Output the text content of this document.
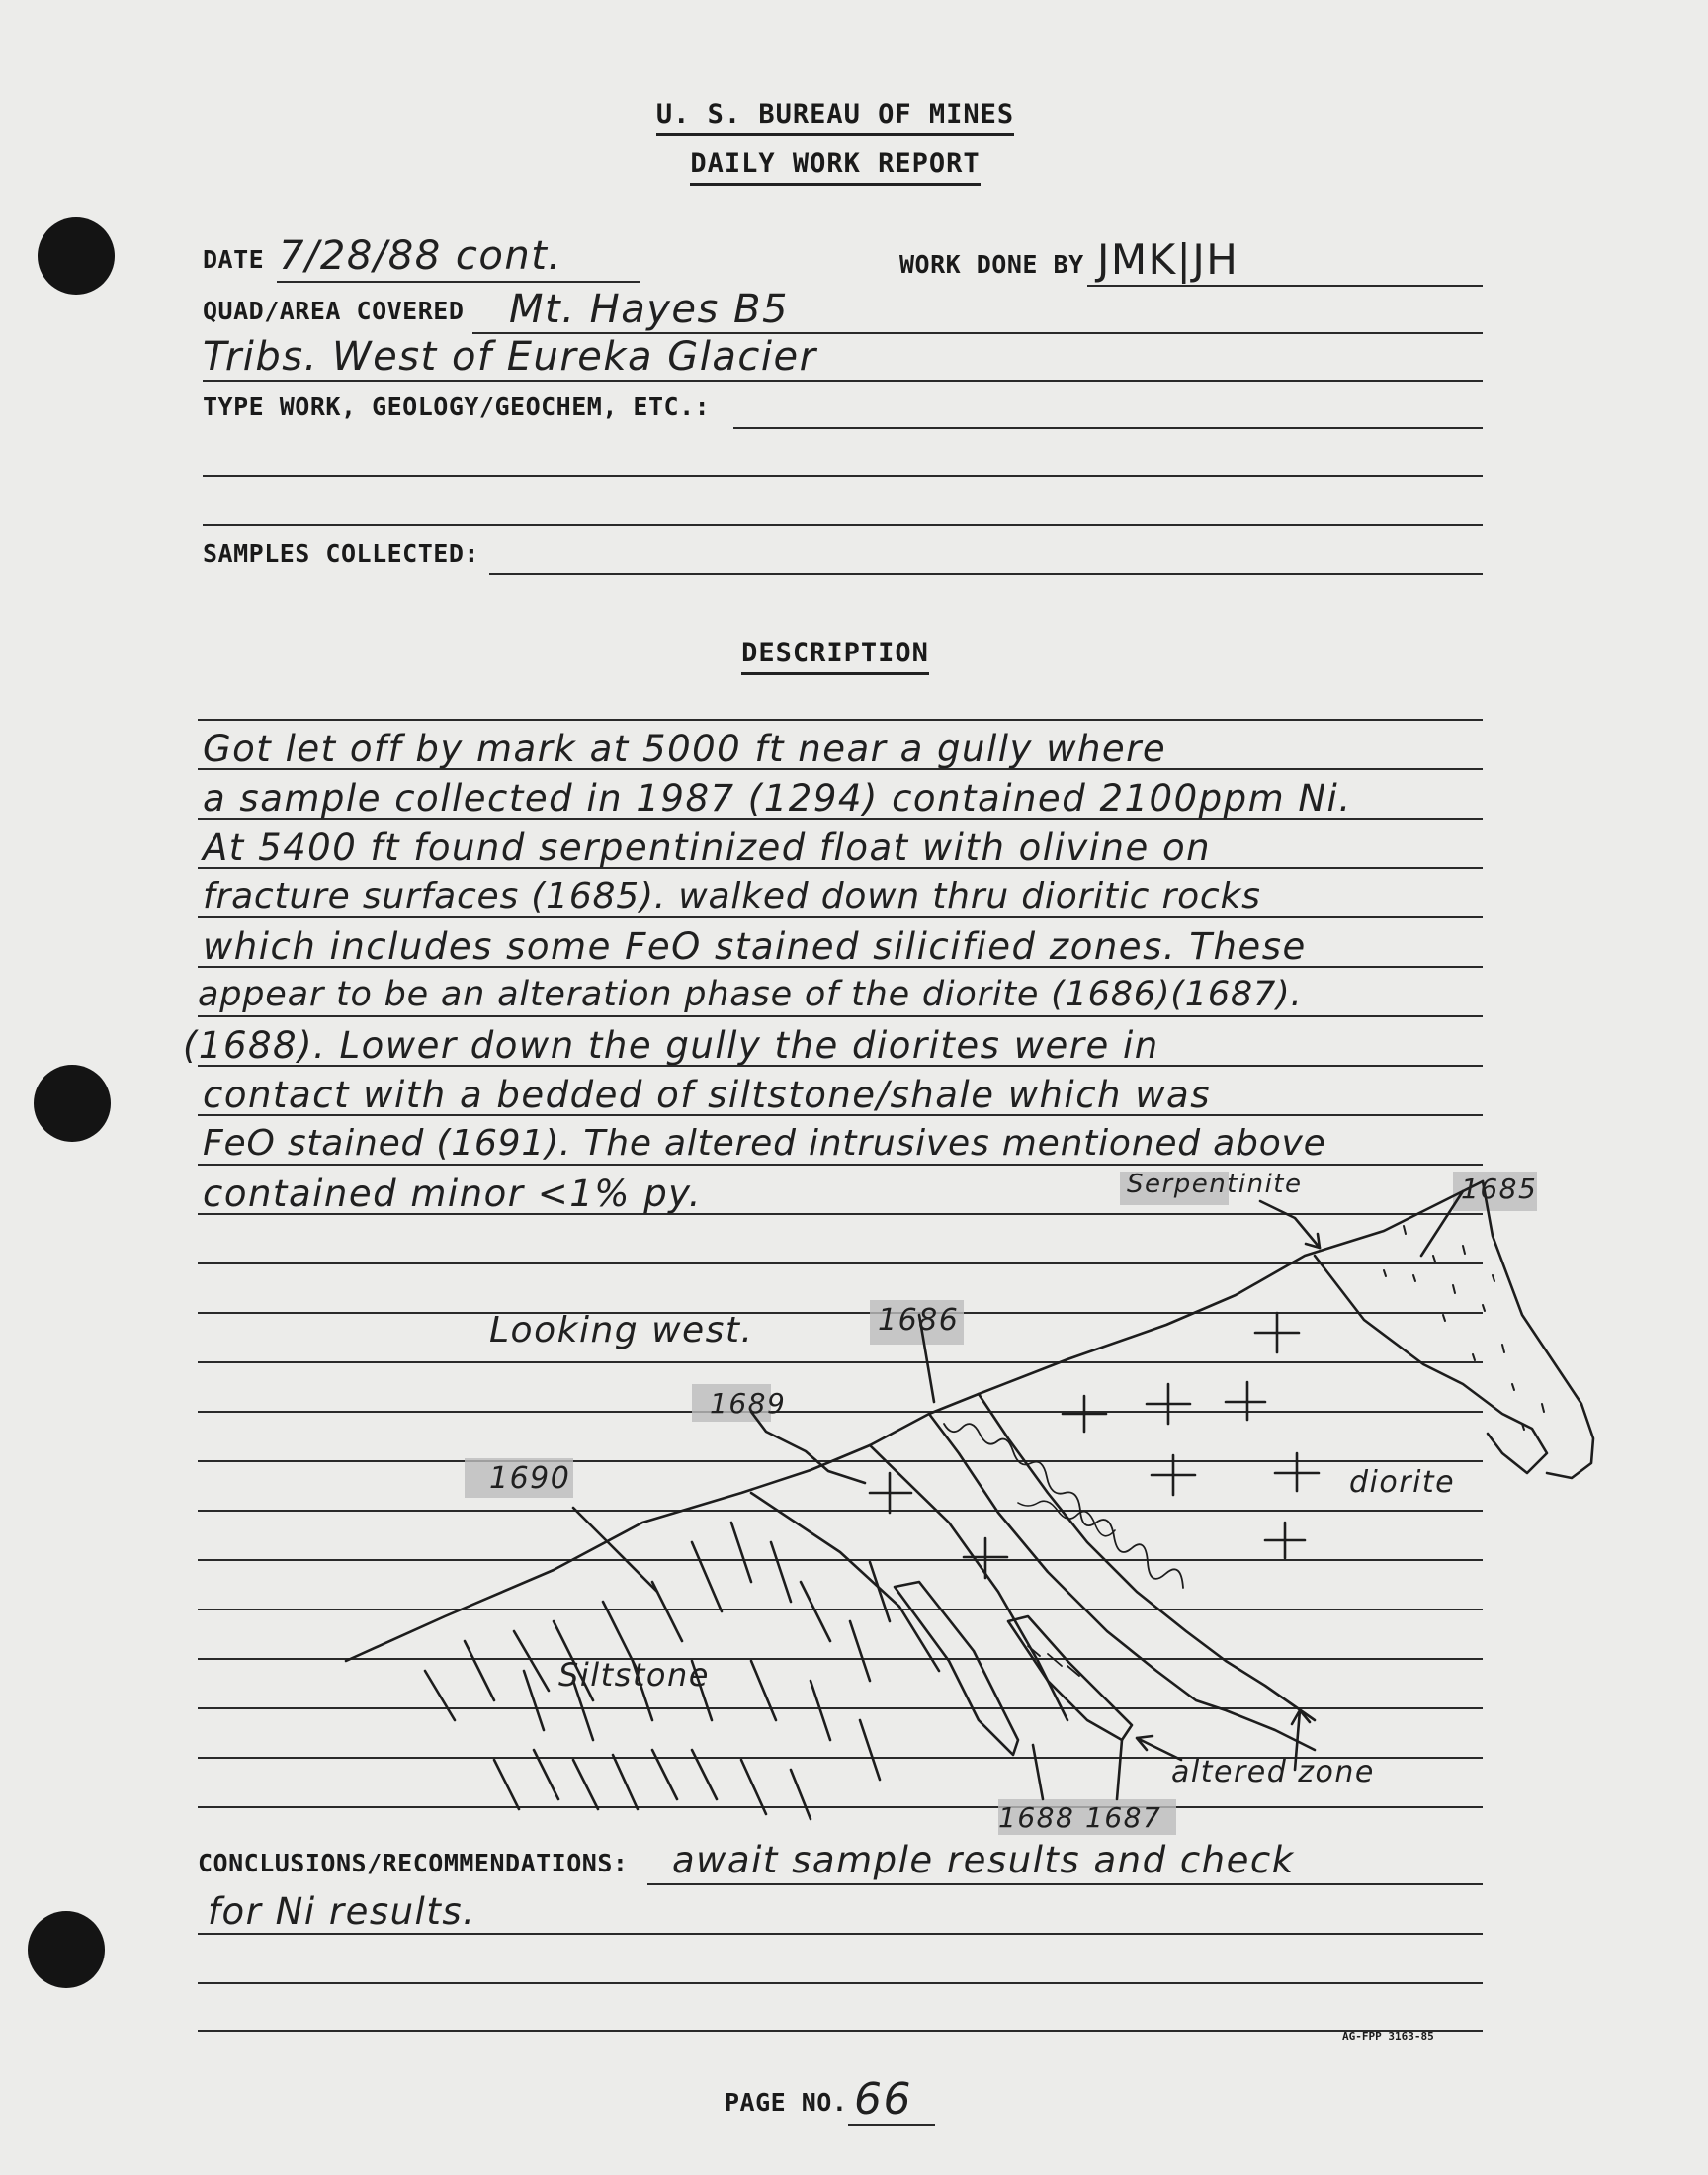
U. S. BUREAU OF MINES
DAILY WORK REPORT
DATE 7/28/88 cont.	WORK DONE BY JMK|JH
QUAD/AREA COVERED Mt. Hayes B5
Tribs. West of Eureka Glacier
TYPE WORK, GEOLOGY/GEOCHEM, ETC.:
SAMPLES COLLECTED:
DESCRIPTION
Got let off by mark at 5000 ft near a gully where
a sample collected in 1987 (1294) contained 2100ppm Ni.
At 5400 ft found serpentinized float with olivine on
fracture surfaces (1685). walked down thru dioritic rocks
which includes some FeO stained silicified zones. These
appear to be an alteration phase of the diorite (1686)(1687).
(1688). Lower down the gully the diorites were in
contact with a bedded of siltstone/shale which was
FeO stained (1691). The altered intrusives mentioned above
contained minor <1% py.
Looking west.
Serpentinite	1685
1686
1689
1690	diorite
Siltstone
altered zone
1688 1687
CONCLUSIONS/RECOMMENDATIONS: await sample results and check
for Ni results.
AG-FPP 3163-85
PAGE NO. 66
